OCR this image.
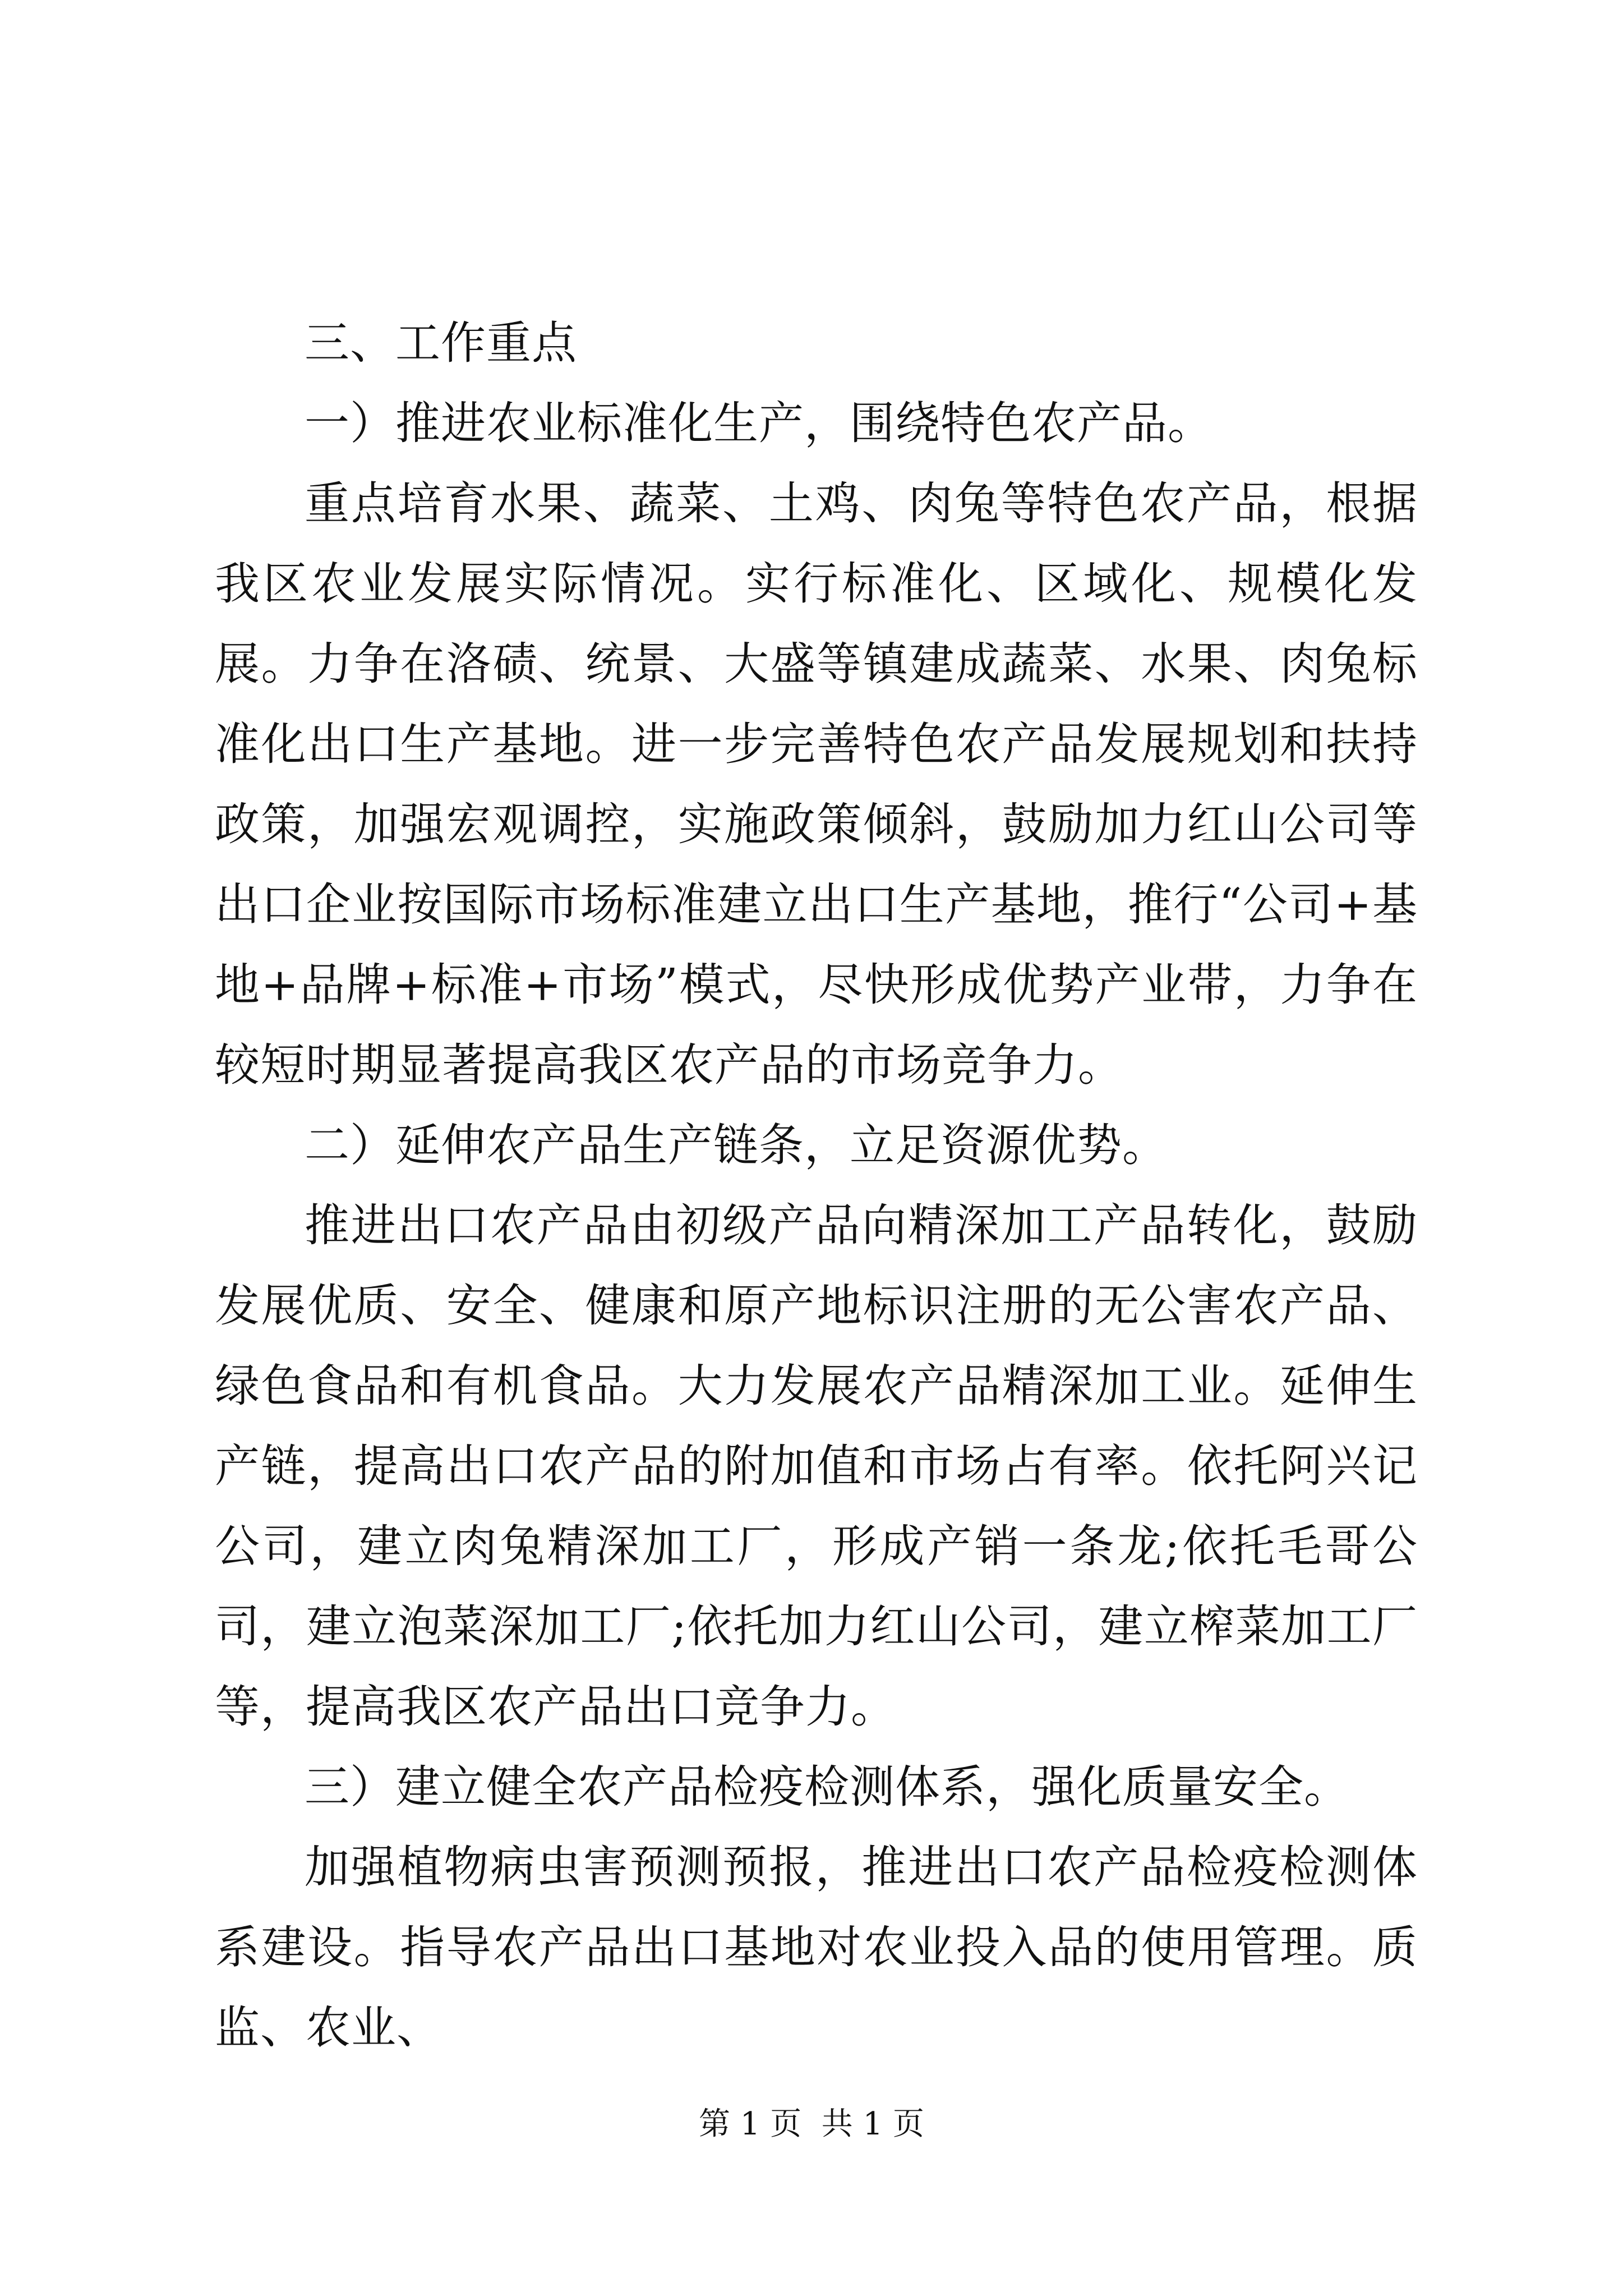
三、工作重点

一）推进农业标准化生产，围绕特色农产品。

重点培育水果、蔬菜、土鸡、肉兔等特色农产品，根据我区农业发展实际情况。实行标准化、区域化、规模化发展。力争在洛碛、统景、大盛等镇建成蔬菜、水果、肉兔标准化出口生产基地。进一步完善特色农产品发展规划和扶持政策，加强宏观调控，实施政策倾斜，鼓励加力红山公司等出口企业按国际市场标准建立出口生产基地，推行“公司+基地+品牌+标准+市场”模式，尽快形成优势产业带，力争在较短时期显著提高我区农产品的市场竞争力。

二）延伸农产品生产链条，立足资源优势。

推进出口农产品由初级产品向精深加工产品转化，鼓励发展优质、安全、健康和原产地标识注册的无公害农产品、绿色食品和有机食品。大力发展农产品精深加工业。延伸生产链，提高出口农产品的附加值和市场占有率。依托阿兴记公司，建立肉兔精深加工厂，形成产销一条龙;依托毛哥公司，建立泡菜深加工厂;依托加力红山公司，建立榨菜加工厂等，提高我区农产品出口竞争力。

三）建立健全农产品检疫检测体系，强化质量安全。

加强植物病虫害预测预报，推进出口农产品检疫检测体系建设。指导农产品出口基地对农业投入品的使用管理。质监、农业、

第 1 页  共 1 页
